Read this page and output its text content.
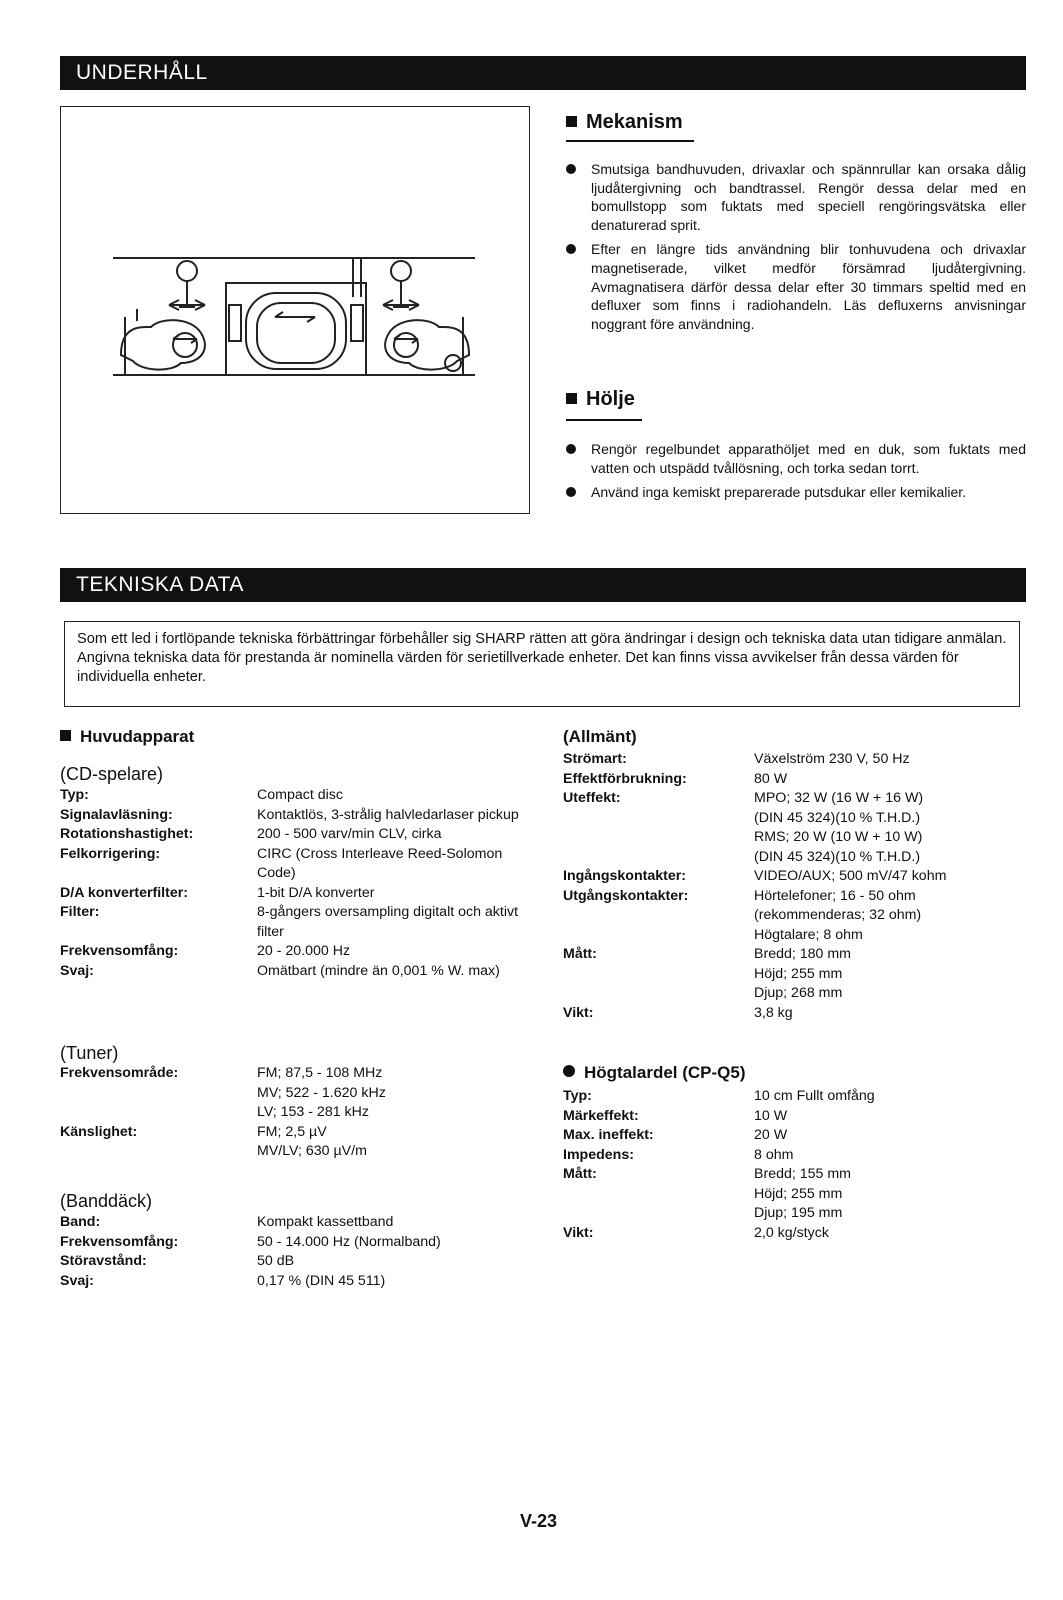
UNDERHÅLL
Mekanism
Smutsiga bandhuvuden, drivaxlar och spännrullar kan orsaka dålig ljudåtergivning och bandtrassel. Rengör dessa delar med en bomullstopp som fuktats med speciell rengöringsvätska eller denaturerad sprit.
Efter en längre tids användning blir tonhuvudena och drivaxlar magnetiserade, vilket medför försämrad ljudåtergivning. Avmagnatisera därför dessa delar efter 30 timmars speltid med en defluxer som finns i radiohandeln. Läs defluxerns anvisningar noggrant före användning.
Hölje
Rengör regelbundet apparathöljet med en duk, som fuktats med vatten och utspädd tvållösning, och torka sedan torrt.
Använd inga kemiskt preparerade putsdukar eller kemikalier.
TEKNISKA DATA

Som ett led i fortlöpande tekniska förbättringar förbehåller sig SHARP rätten att göra ändringar i design och tekniska data utan tidigare anmälan. Angivna tekniska data för prestanda är nominella värden för serietillverkade enheter. Det kan finns vissa avvikelser från dessa värden för individuella enheter.

Huvudapparat
(CD-spelare)
Typ:	Compact disc
Signalavläsning:	Kontaktlös, 3-strålig halvledarlaser pickup
Rotationshastighet:	200 - 500 varv/min CLV, cirka
Felkorrigering:	CIRC (Cross Interleave Reed-Solomon Code)
D/A konverterfilter:	1-bit D/A konverter
Filter:	8-gångers oversampling digitalt och aktivt filter
Frekvensomfång:	20 - 20.000 Hz
Svaj:	Omätbart (mindre än 0,001 % W. max)
(Tuner)
Frekvensområde:	FM; 87,5 - 108 MHz
MV; 522 - 1.620 kHz
LV; 153 - 281 kHz
Känslighet:	FM; 2,5 µV
MV/LV; 630 µV/m
(Banddäck)
Band:	Kompakt kassettband
Frekvensomfång:	50 - 14.000 Hz (Normalband)
Störavstånd:	50 dB
Svaj:	0,17 % (DIN 45 511)
(Allmänt)
Strömart:	Växelström 230 V, 50 Hz
Effektförbrukning:	80 W
Uteffekt:	MPO; 32 W (16 W + 16 W)
(DIN 45 324)(10 % T.H.D.)
RMS; 20 W (10 W + 10 W)
(DIN 45 324)(10 % T.H.D.)
Ingångskontakter:	VIDEO/AUX; 500 mV/47 kohm
Utgångskontakter:	Hörtelefoner; 16 - 50 ohm
(rekommenderas; 32 ohm)
Högtalare; 8 ohm
Mått:	Bredd; 180 mm
Höjd; 255 mm
Djup; 268 mm
Vikt:	3,8 kg
Högtalardel (CP-Q5)
Typ:	10 cm Fullt omfång
Märkeffekt:	10 W
Max. ineffekt:	20 W
Impedens:	8 ohm
Mått:	Bredd; 155 mm
Höjd; 255 mm
Djup; 195 mm
Vikt:	2,0 kg/styck
V-23
